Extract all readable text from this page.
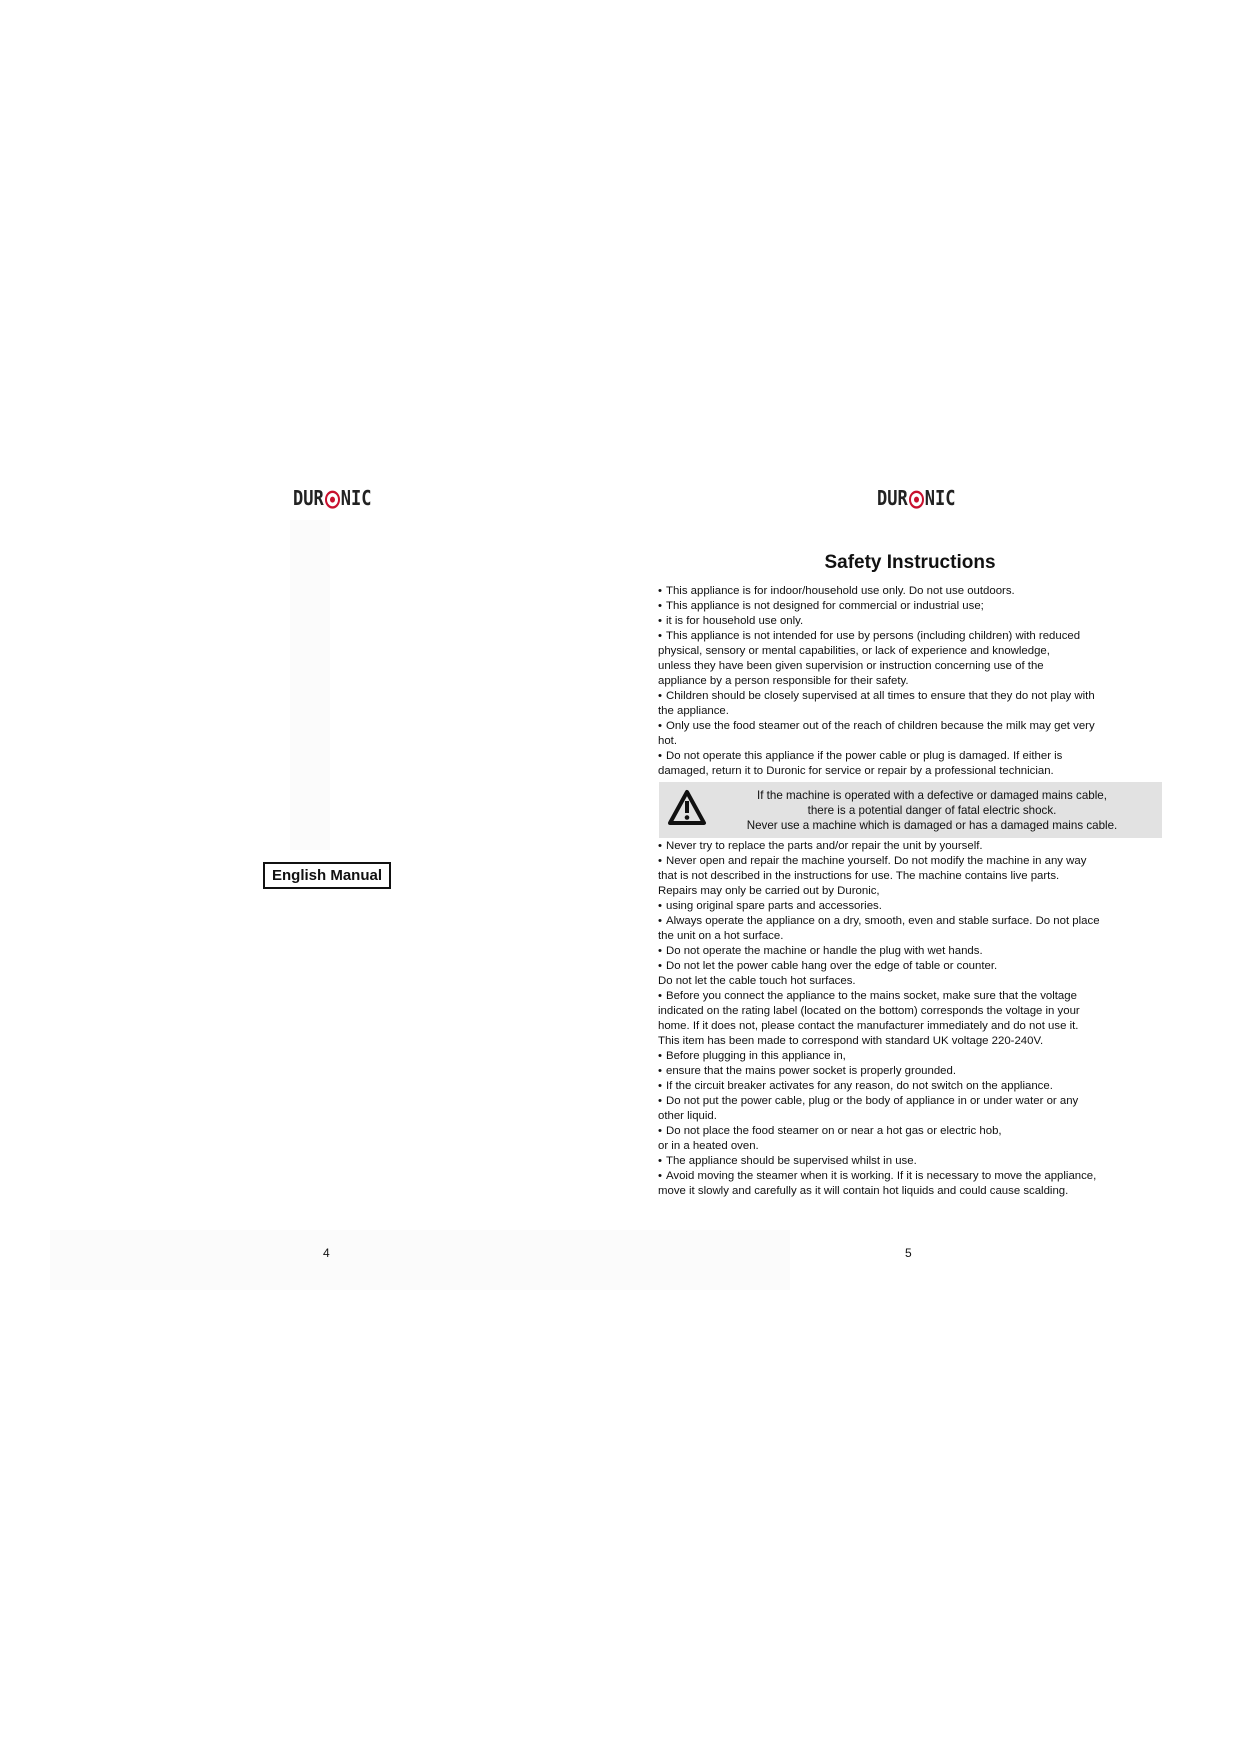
DUR NIC
English Manual
4
DUR NIC
Safety Instructions
• This appliance is for indoor/household use only. Do not use outdoors.
• This appliance is not designed for commercial or industrial use;
• it is for household use only.
• This appliance is not intended for use by persons (including children) with reduced
physical, sensory or mental capabilities, or lack of experience and knowledge,
unless they have been given supervision or instruction concerning use of the
appliance by a person responsible for their safety.
• Children should be closely supervised at all times to ensure that they do not play with
the appliance.
• Only use the food steamer out of the reach of children because the milk may get very
hot.
• Do not operate this appliance if the power cable or plug is damaged. If either is
damaged, return it to Duronic for service or repair by a professional technician.
If the machine is operated with a defective or damaged mains cable,
there is a potential danger of fatal electric shock.
Never use a machine which is damaged or has a damaged mains cable.
• Never try to replace the parts and/or repair the unit by yourself.
• Never open and repair the machine yourself. Do not modify the machine in any way
that is not described in the instructions for use. The machine contains live parts.
Repairs may only be carried out by Duronic,
• using original spare parts and accessories.
• Always operate the appliance on a dry, smooth, even and stable surface. Do not place
the unit on a hot surface.
• Do not operate the machine or handle the plug with wet hands.
• Do not let the power cable hang over the edge of table or counter.
Do not let the cable touch hot surfaces.
• Before you connect the appliance to the mains socket, make sure that the voltage
indicated on the rating label (located on the bottom) corresponds the voltage in your
home. If it does not, please contact the manufacturer immediately and do not use it.
This item has been made to correspond with standard UK voltage 220-240V.
• Before plugging in this appliance in,
• ensure that the mains power socket is properly grounded.
• If the circuit breaker activates for any reason, do not switch on the appliance.
• Do not put the power cable, plug or the body of appliance in or under water or any
other liquid.
• Do not place the food steamer on or near a hot gas or electric hob,
or in a heated oven.
• The appliance should be supervised whilst in use.
• Avoid moving the steamer when it is working. If it is necessary to move the appliance,
move it slowly and carefully as it will contain hot liquids and could cause scalding.
5
